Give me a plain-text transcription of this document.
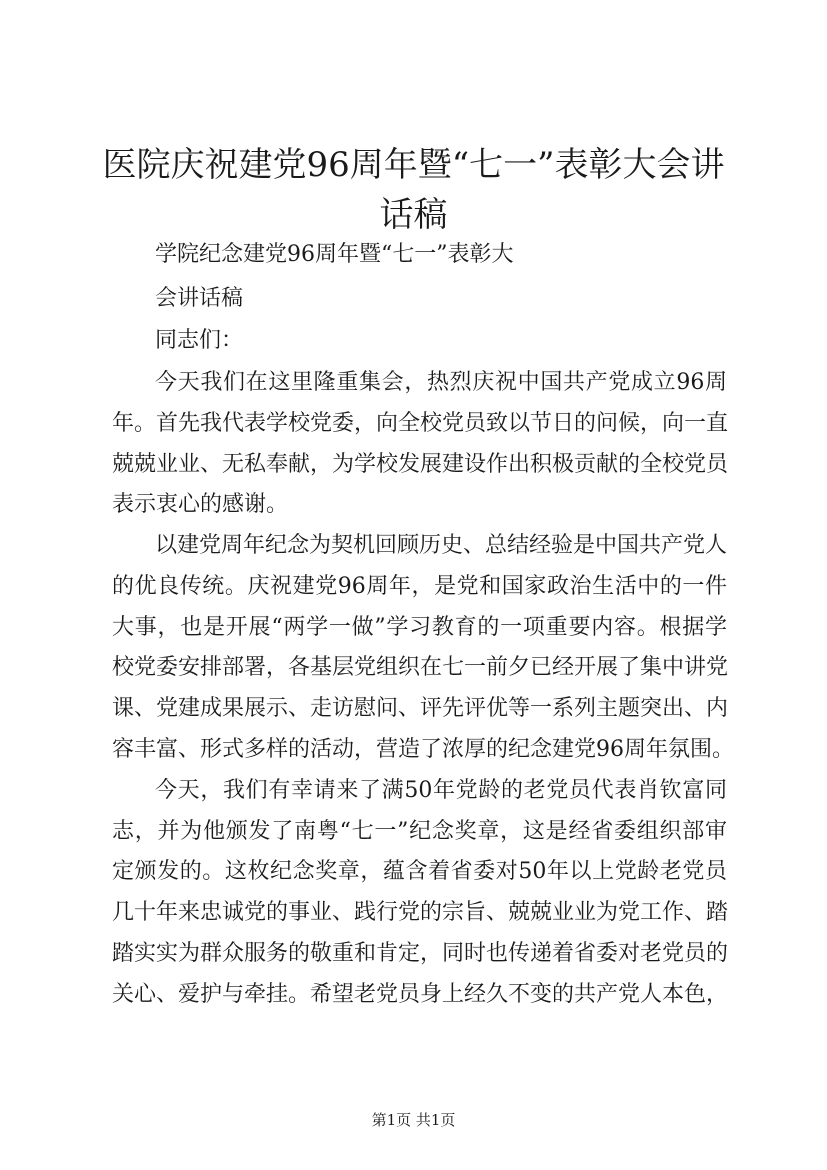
医院庆祝建党96周年暨“七一”表彰大会讲
话稿

学院纪念建党96周年暨“七一”表彰大

会讲话稿

同志们：

今天我们在这里隆重集会，热烈庆祝中国共产党成立96周

年。首先我代表学校党委，向全校党员致以节日的问候，向一直

兢兢业业、无私奉献，为学校发展建设作出积极贡献的全校党员

表示衷心的感谢。

以建党周年纪念为契机回顾历史、总结经验是中国共产党人

的优良传统。庆祝建党96周年，是党和国家政治生活中的一件

大事，也是开展“两学一做”学习教育的一项重要内容。根据学

校党委安排部署，各基层党组织在七一前夕已经开展了集中讲党

课、党建成果展示、走访慰问、评先评优等一系列主题突出、内

容丰富、形式多样的活动，营造了浓厚的纪念建党96周年氛围。

今天，我们有幸请来了满50年党龄的老党员代表肖钦富同

志，并为他颁发了南粤“七一”纪念奖章，这是经省委组织部审

定颁发的。这枚纪念奖章，蕴含着省委对50年以上党龄老党员

几十年来忠诚党的事业、践行党的宗旨、兢兢业业为党工作、踏

踏实实为群众服务的敬重和肯定，同时也传递着省委对老党员的

关心、爱护与牵挂。希望老党员身上经久不变的共产党人本色，

第1页 共1页
